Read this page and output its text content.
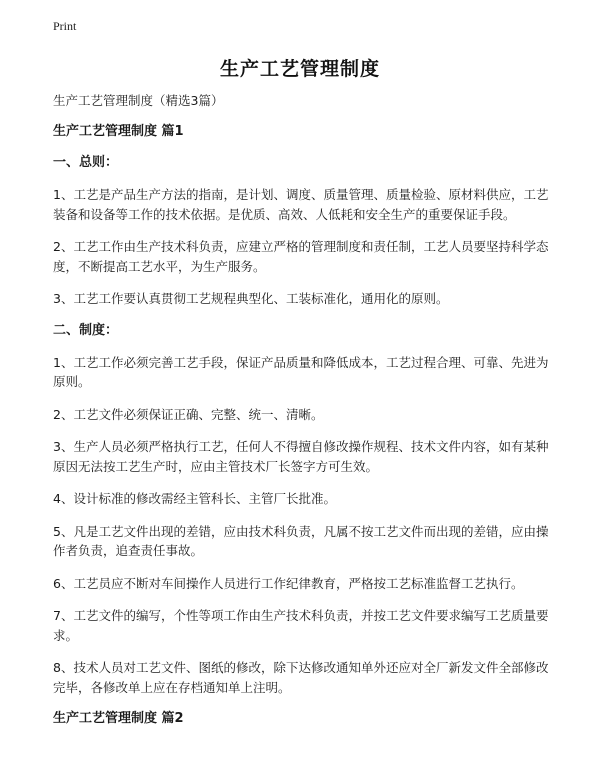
Print
生产工艺管理制度

生产工艺管理制度（精选3篇）

生产工艺管理制度 篇1

一、总则：

1、工艺是产品生产方法的指南，是计划、调度、质量管理、质量检验、原材料供应，工艺装备和设备等工作的技术依据。是优质、高效、人低耗和安全生产的重要保证手段。

2、工艺工作由生产技术科负责，应建立严格的管理制度和责任制，工艺人员要坚持科学态度，不断提高工艺水平，为生产服务。

3、工艺工作要认真贯彻工艺规程典型化、工装标准化，通用化的原则。

二、制度：

1、工艺工作必须完善工艺手段，保证产品质量和降低成本，工艺过程合理、可靠、先进为原则。

2、工艺文件必须保证正确、完整、统一、清晰。

3、生产人员必须严格执行工艺，任何人不得擅自修改操作规程、技术文件内容，如有某种原因无法按工艺生产时，应由主管技术厂长签字方可生效。

4、设计标准的修改需经主管科长、主管厂长批准。

5、凡是工艺文件出现的差错，应由技术科负责，凡属不按工艺文件而出现的差错，应由操作者负责，追查责任事故。

6、工艺员应不断对车间操作人员进行工作纪律教育，严格按工艺标准监督工艺执行。

7、工艺文件的编写，个性等项工作由生产技术科负责，并按工艺文件要求编写工艺质量要求。

8、技术人员对工艺文件、图纸的修改，除下达修改通知单外还应对全厂新发文件全部修改完毕，各修改单上应在存档通知单上注明。

生产工艺管理制度 篇2
